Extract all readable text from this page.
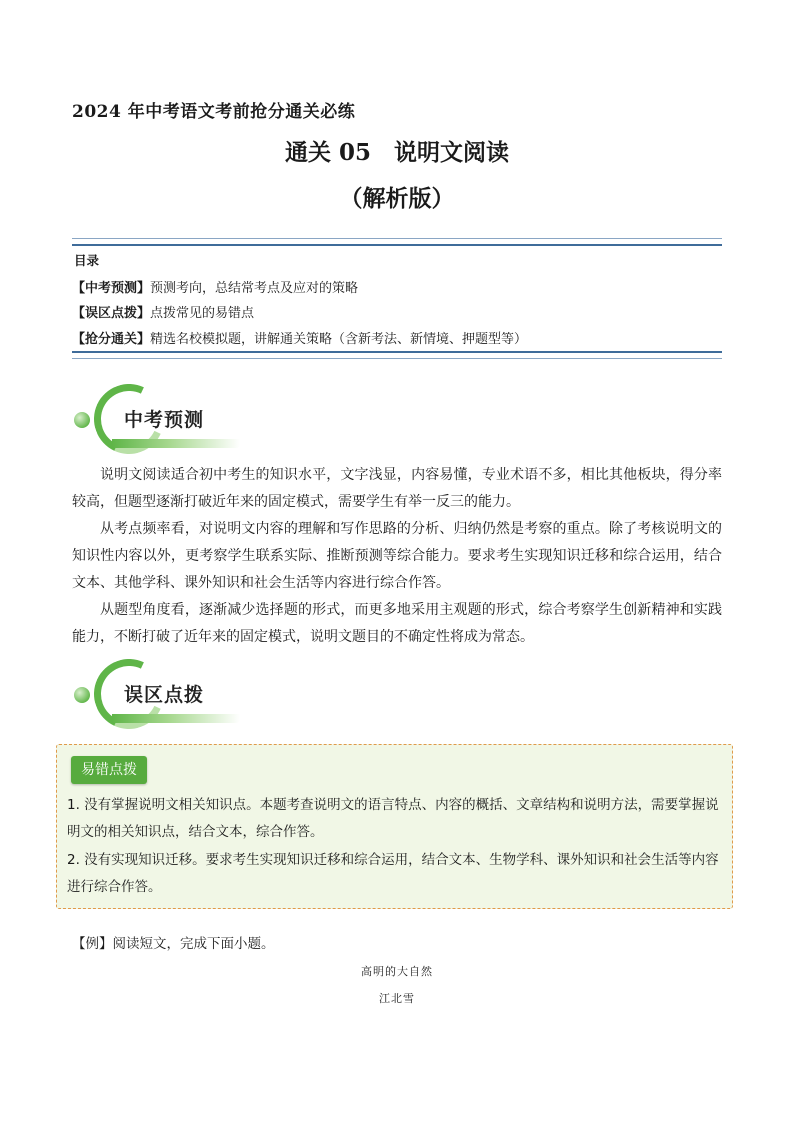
2024 年中考语文考前抢分通关必练
通关 05　说明文阅读
（解析版）
目录
【中考预测】预测考向，总结常考点及应对的策略
【误区点拨】点拨常见的易错点
【抢分通关】精选名校模拟题，讲解通关策略（含新考法、新情境、押题型等）
中考预测
说明文阅读适合初中考生的知识水平，文字浅显，内容易懂，专业术语不多，相比其他板块，得分率较高，但题型逐渐打破近年来的固定模式，需要学生有举一反三的能力。
从考点频率看，对说明文内容的理解和写作思路的分析、归纳仍然是考察的重点。除了考核说明文的知识性内容以外，更考察学生联系实际、推断预测等综合能力。要求考生实现知识迁移和综合运用，结合文本、其他学科、课外知识和社会生活等内容进行综合作答。
从题型角度看，逐渐减少选择题的形式，而更多地采用主观题的形式，综合考察学生创新精神和实践能力，不断打破了近年来的固定模式，说明文题目的不确定性将成为常态。
误区点拨
易错点拨
1. 没有掌握说明文相关知识点。本题考查说明文的语言特点、内容的概括、文章结构和说明方法，需要掌握说明文的相关知识点，结合文本，综合作答。
2. 没有实现知识迁移。要求考生实现知识迁移和综合运用，结合文本、生物学科、课外知识和社会生活等内容进行综合作答。
【例】阅读短文，完成下面小题。
高明的大自然
江北雪
